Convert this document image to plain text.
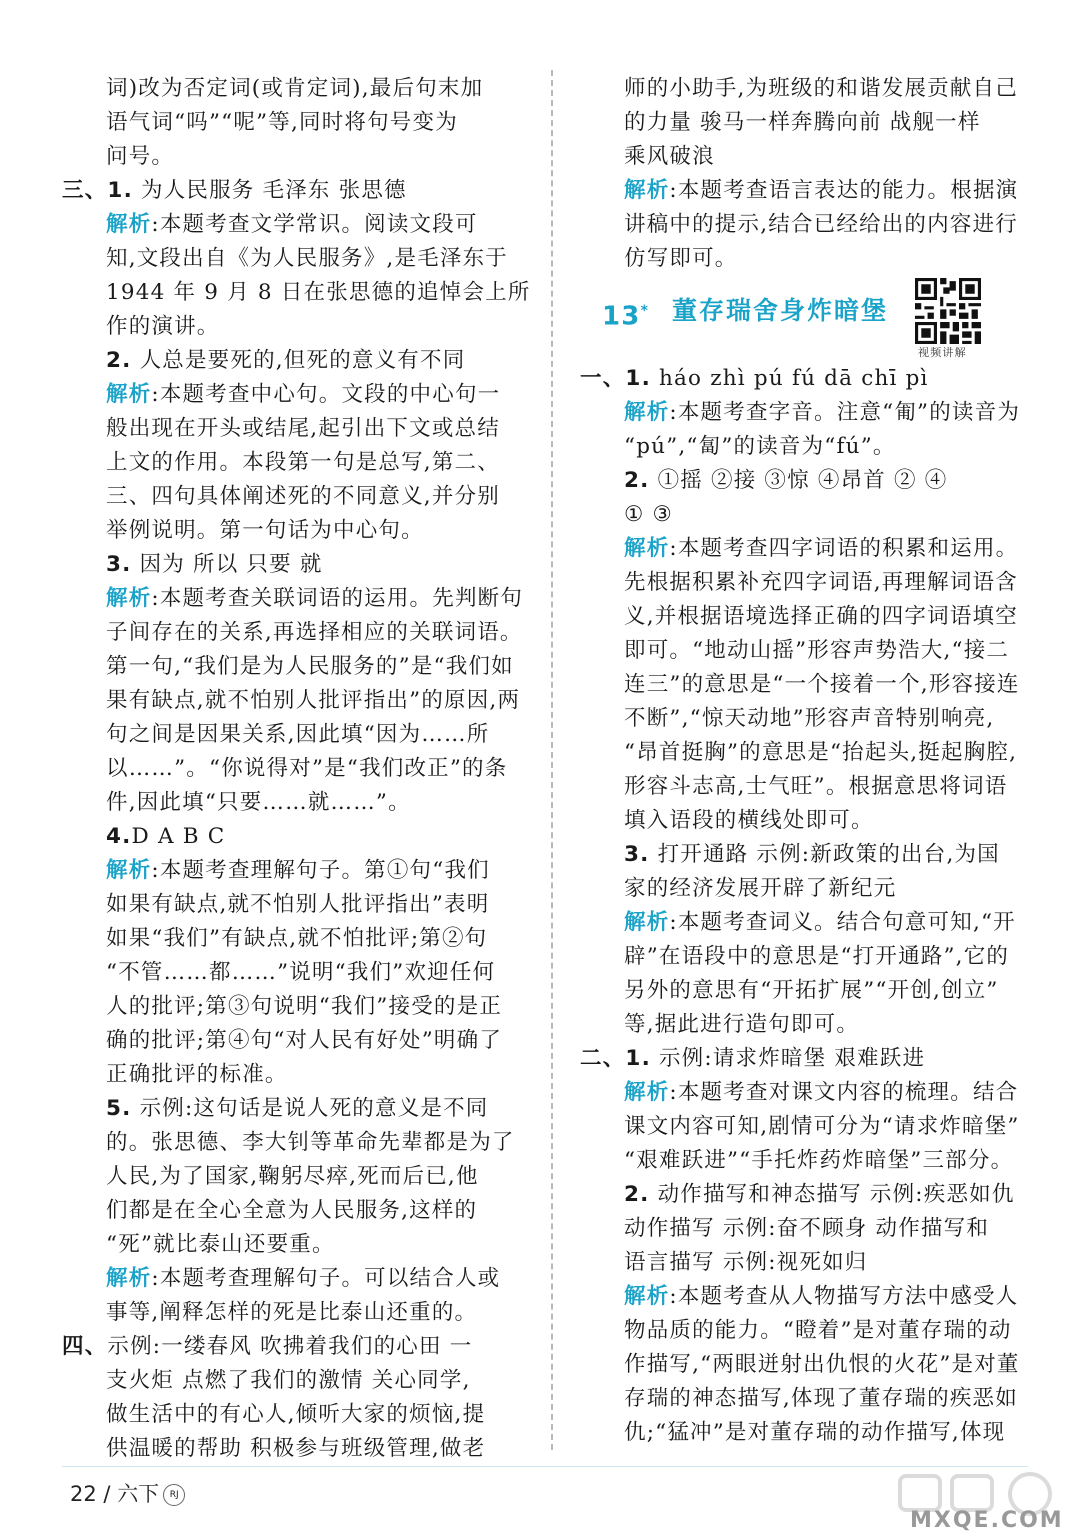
词)改为否定词(或肯定词),最后句末加
语气词“吗”“呢”等,同时将句号变为
问号。
三、1. 为人民服务 毛泽东 张思德
解析:本题考查文学常识。阅读文段可
知,文段出自《为人民服务》,是毛泽东于
1944 年 9 月 8 日在张思德的追悼会上所
作的演讲。
2. 人总是要死的,但死的意义有不同
解析:本题考查中心句。文段的中心句一
般出现在开头或结尾,起引出下文或总结
上文的作用。本段第一句是总写,第二、
三、四句具体阐述死的不同意义,并分别
举例说明。第一句话为中心句。
3. 因为 所以 只要 就
解析:本题考查关联词语的运用。先判断句
子间存在的关系,再选择相应的关联词语。
第一句,“我们是为人民服务的”是“我们如
果有缺点,就不怕别人批评指出”的原因,两
句之间是因果关系,因此填“因为……所
以……”。“你说得对”是“我们改正”的条
件,因此填“只要……就……”。
4.D A B C
解析:本题考查理解句子。第①句“我们
如果有缺点,就不怕别人批评指出”表明
如果“我们”有缺点,就不怕批评;第②句
“不管……都……”说明“我们”欢迎任何
人的批评;第③句说明“我们”接受的是正
确的批评;第④句“对人民有好处”明确了
正确批评的标准。
5. 示例:这句话是说人死的意义是不同
的。张思德、李大钊等革命先辈都是为了
人民,为了国家,鞠躬尽瘁,死而后已,他
们都是在全心全意为人民服务,这样的
“死”就比泰山还要重。
解析:本题考查理解句子。可以结合人或
事等,阐释怎样的死是比泰山还重的。
四、示例:一缕春风 吹拂着我们的心田 一
支火炬 点燃了我们的激情 关心同学,
做生活中的有心人,倾听大家的烦恼,提
供温暖的帮助 积极参与班级管理,做老
师的小助手,为班级的和谐发展贡献自己
的力量 骏马一样奔腾向前 战舰一样
乘风破浪
解析:本题考查语言表达的能力。根据演
讲稿中的提示,结合已经给出的内容进行
仿写即可。
13* 董存瑞舍身炸暗堡
视频讲解
一、1. háo zhì pú fú dā chī pì
解析:本题考查字音。注意“匍”的读音为
“pú”,“匐”的读音为“fú”。
2. ①摇 ②接 ③惊 ④昂首 ② ④
① ③
解析:本题考查四字词语的积累和运用。
先根据积累补充四字词语,再理解词语含
义,并根据语境选择正确的四字词语填空
即可。“地动山摇”形容声势浩大,“接二
连三”的意思是“一个接着一个,形容接连
不断”,“惊天动地”形容声音特别响亮,
“昂首挺胸”的意思是“抬起头,挺起胸腔,
形容斗志高,士气旺”。根据意思将词语
填入语段的横线处即可。
3. 打开通路 示例:新政策的出台,为国
家的经济发展开辟了新纪元
解析:本题考查词义。结合句意可知,“开
辟”在语段中的意思是“打开通路”,它的
另外的意思有“开拓扩展”“开创,创立”
等,据此进行造句即可。
二、1. 示例:请求炸暗堡 艰难跃进
解析:本题考查对课文内容的梳理。结合
课文内容可知,剧情可分为“请求炸暗堡”
“艰难跃进”“手托炸药炸暗堡”三部分。
2. 动作描写和神态描写 示例:疾恶如仇
动作描写 示例:奋不顾身 动作描写和
语言描写 示例:视死如归
解析:本题考查从人物描写方法中感受人
物品质的能力。“瞪着”是对董存瑞的动
作描写,“两眼迸射出仇恨的火花”是对董
存瑞的神态描写,体现了董存瑞的疾恶如
仇;“猛冲”是对董存瑞的动作描写,体现
22 / 六下 RJ
MXQE.COM
